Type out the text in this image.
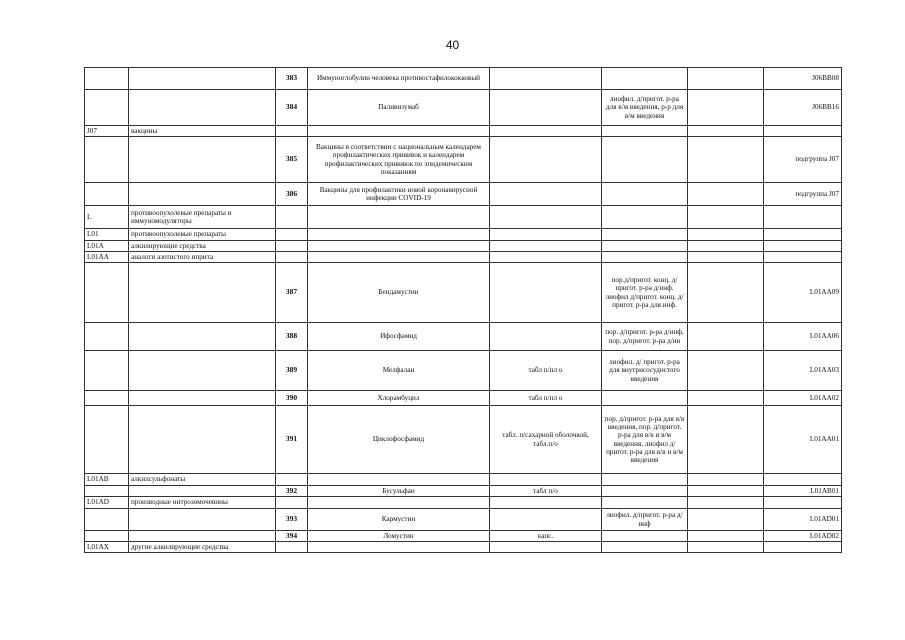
40
		383	Иммуноглобулин человека противостафилококковый				J06BB08
		384	Паливизумаб		лиофил. д/пригот. р-ра для в/м введения, р-р для в/м введения		J06BB16
J07	вакцины						
		385	Вакцины в соответствии с национальным календарем профилактических прививок и календарем профилактических прививок по эпидемическим показаниям				подгруппа J07
		386	Вакцины для профилактики новой коронавирусной инфекции COVID-19				подгруппа J07
L	противоопухолевые препараты и иммуномодуляторы						
L01	противоопухолевые препараты						
L01A	алкилирующие средства						
L01AA	аналоги азотистого иприта						
		387	Бендамустин		пор.д/пригот. конц. д/пригот. р-ра д/инф. лиофил д/пригот. конц. д/пригот. р-ра для инф.		L01AA09
		388	Ифосфамид		пор. д/пригот. р-ра д/инф, пор. д/пригот. р-ра д/ин		L01AA06
		389	Мелфалан	табл п/пл о	лиофил. д/ пригот. р-ра для внутрисосудистого введения		L01AA03
		390	Хлорамбуцил	табл п/пл о			L01AA02
		391	Циклофосфамид	табл. п/сахарной оболочкой, табл.п/о	пор. д/пригот. р-ра для в/в введения, пор. д/пригот. р-ра для в/в и в/м введения, лиофил д/пригот. р-ра для в/в и в/м введения		L01AA01
L01AB	алкилсульфонаты						
		392	Бусульфан	табл п/о			L01AB01
L01AD	производные нитрозомочевины						
		393	Кармустин		лиофил. д/пригот. р-ра д/инф		L01AD01
		394	Ломустин	капс.			L01AD02
L01AX	другие алкилирующие средства						
